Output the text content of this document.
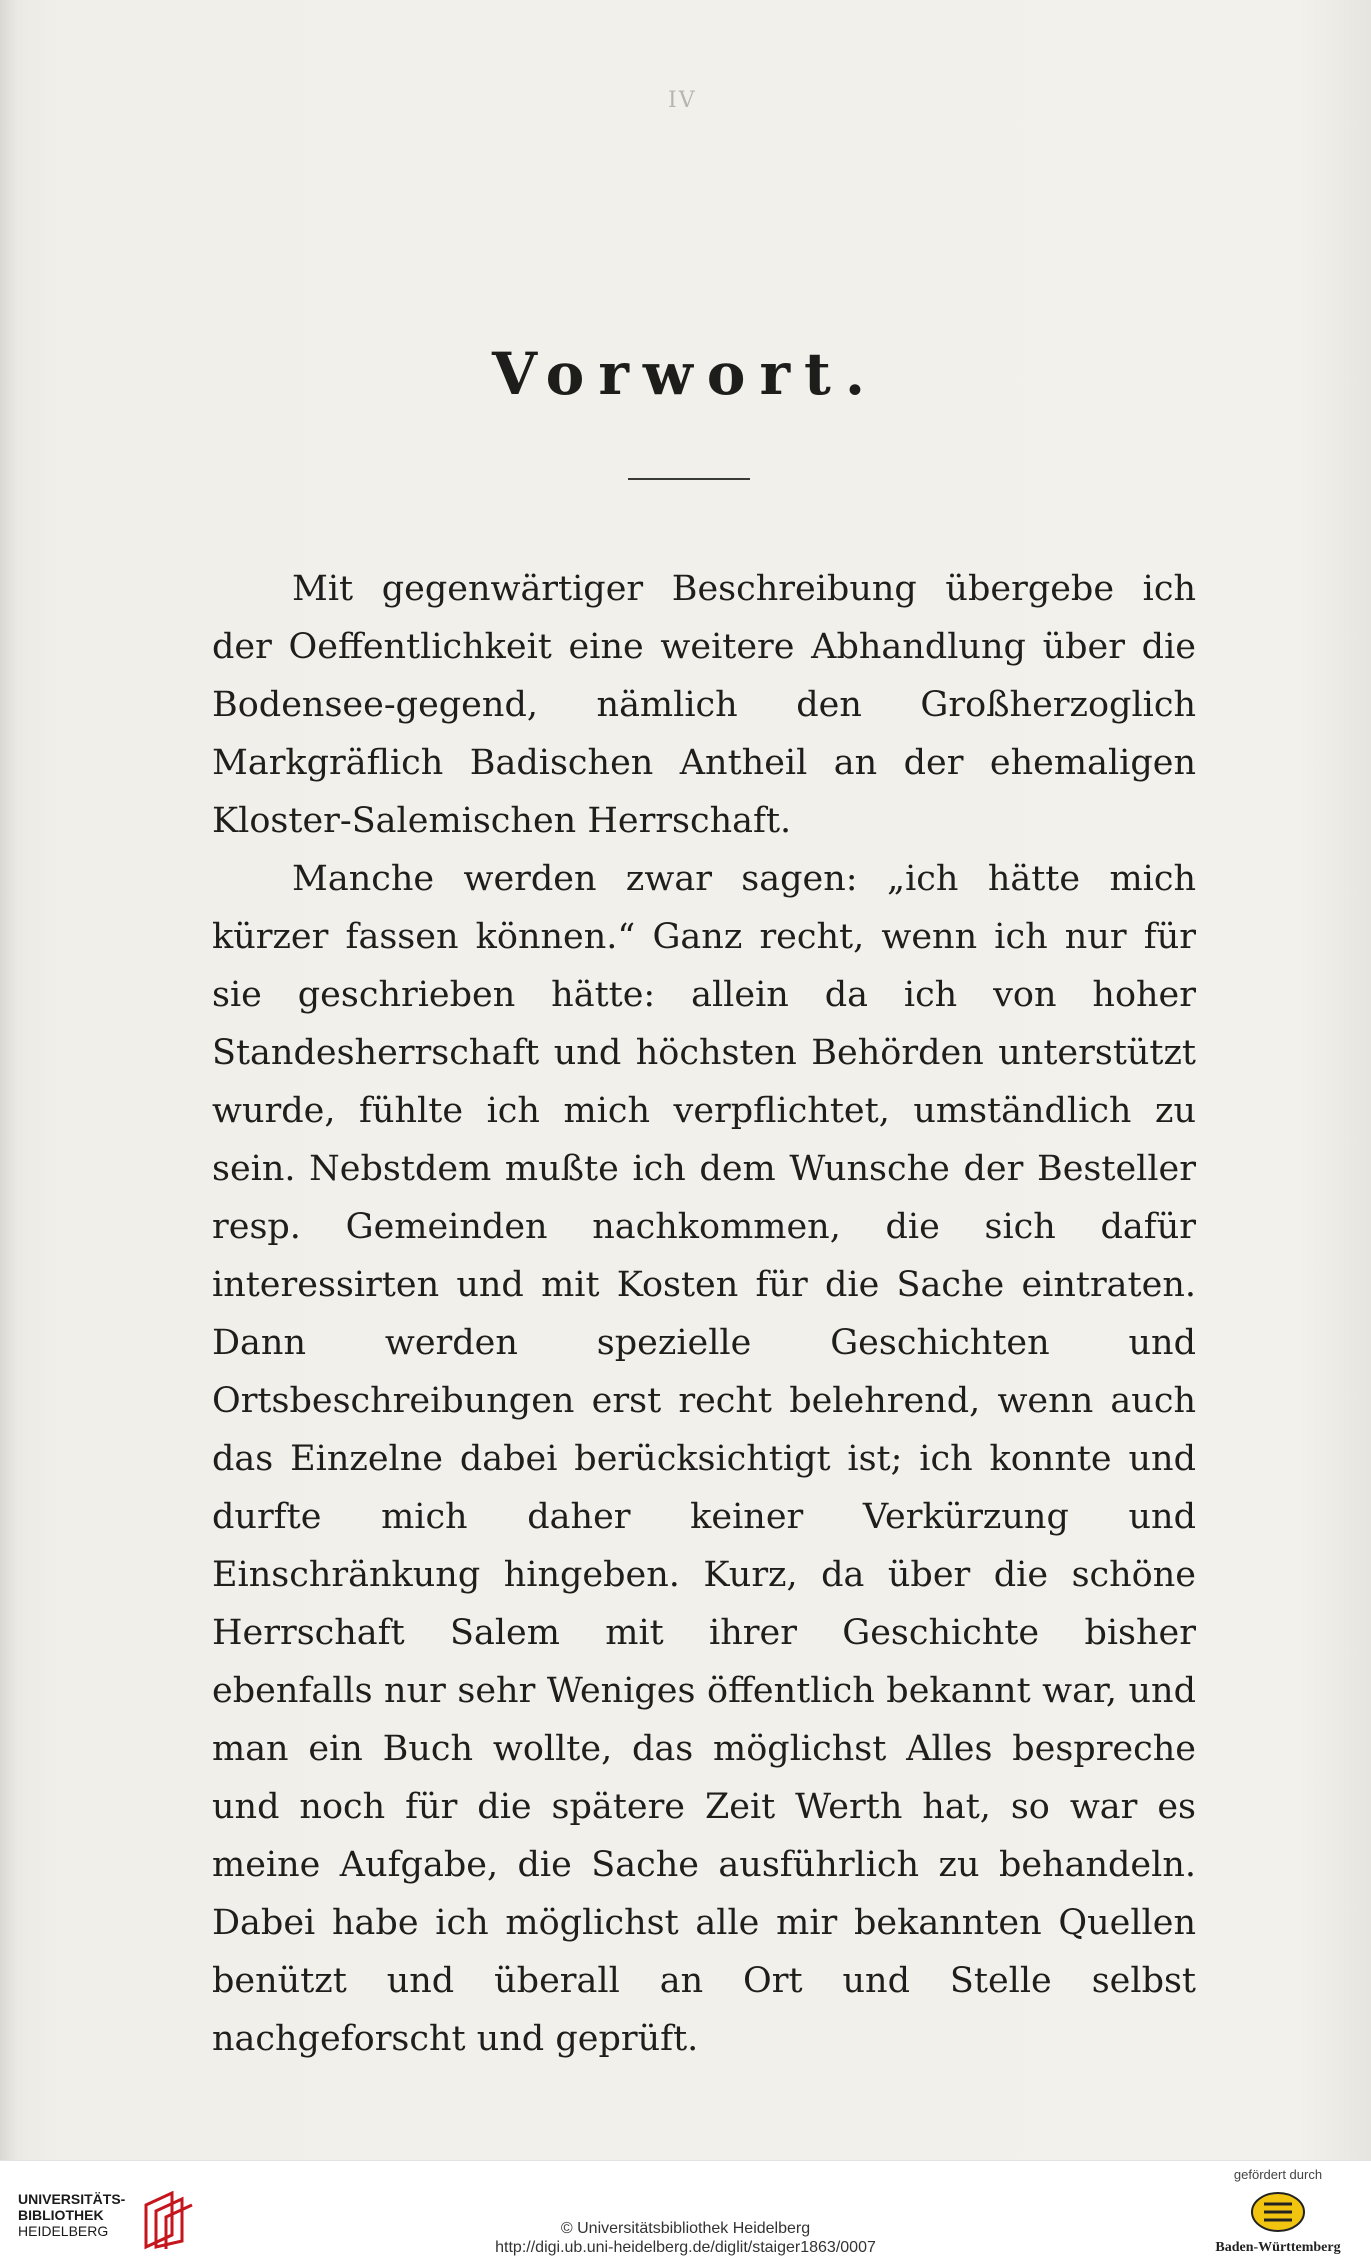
IV
Vorwort.

Mit gegenwärtiger Beschreibung übergebe ich der Oeffentlichkeit eine weitere Abhandlung über die Bodensee-gegend, nämlich den Großherzoglich Markgräflich Badischen Antheil an der ehemaligen Kloster-Salemischen Herrschaft.

Manche werden zwar sagen: „ich hätte mich kürzer fassen können.“ Ganz recht, wenn ich nur für sie geschrieben hätte: allein da ich von hoher Standesherrschaft und höchsten Behörden unterstützt wurde, fühlte ich mich verpflichtet, umständlich zu sein. Nebstdem mußte ich dem Wunsche der Besteller resp. Gemeinden nachkommen, die sich dafür interessirten und mit Kosten für die Sache eintraten. Dann werden spezielle Geschichten und Ortsbeschreibungen erst recht belehrend, wenn auch das Einzelne dabei berücksichtigt ist; ich konnte und durfte mich daher keiner Verkürzung und Einschränkung hingeben. Kurz, da über die schöne Herrschaft Salem mit ihrer Geschichte bisher ebenfalls nur sehr Weniges öffentlich bekannt war, und man ein Buch wollte, das möglichst Alles bespreche und noch für die spätere Zeit Werth hat, so war es meine Aufgabe, die Sache ausführlich zu behandeln. Dabei habe ich möglichst alle mir bekannten Quellen benützt und überall an Ort und Stelle selbst nachgeforscht und geprüft.

UNIVERSITÄTS-
BIBLIOTHEK
HEIDELBERG	© Universitätsbibliothek Heidelberg
http://digi.ub.uni-heidelberg.de/diglit/staiger1863/0007
gefördert durch
Baden-Württemberg
